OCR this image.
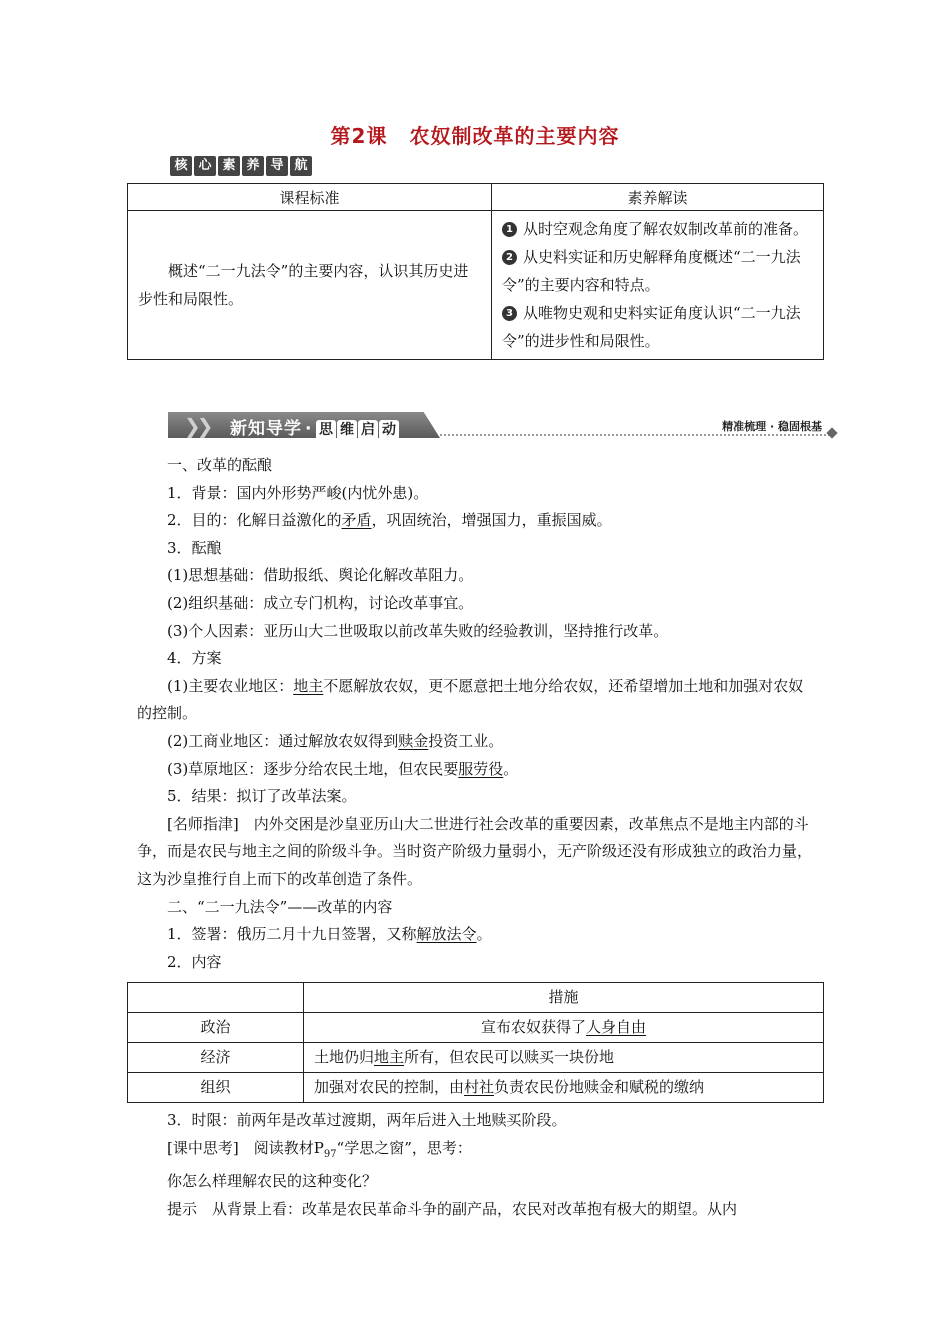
第2课 农奴制改革的主要内容
核 心 素 养 导 航
课程标准	素养解读

概述“二一九法令”的主要内容，认识其历史进步性和局限性。	1 从时空观念角度了解农奴制改革前的准备。

2 从史料实证和历史解释角度概述“二一九法令”的主要内容和特点。

3 从唯物史观和史料实证角度认识“二一九法令”的进步性和局限性。

❯❯ 新知导学 · 思 维 启 动	精准梳理 · 稳固根基

一、改革的酝酿

1．背景：国内外形势严峻(内忧外患)。

2．目的：化解日益激化的矛盾，巩固统治，增强国力，重振国威。

3．酝酿

(1)思想基础：借助报纸、舆论化解改革阻力。

(2)组织基础：成立专门机构，讨论改革事宜。

(3)个人因素：亚历山大二世吸取以前改革失败的经验教训，坚持推行改革。

4．方案

(1)主要农业地区：地主不愿解放农奴，更不愿意把土地分给农奴，还希望增加土地和加强对农奴的控制。

(2)工商业地区：通过解放农奴得到赎金投资工业。

(3)草原地区：逐步分给农民土地，但农民要服劳役。

5．结果：拟订了改革法案。

[名师指津]　内外交困是沙皇亚历山大二世进行社会改革的重要因素，改革焦点不是地主内部的斗争，而是农民与地主之间的阶级斗争。当时资产阶级力量弱小，无产阶级还没有形成独立的政治力量，这为沙皇推行自上而下的改革创造了条件。

二、“二一九法令”——改革的内容

1．签署：俄历二月十九日签署，又称解放法令。

2．内容

	措施
政治	宣布农奴获得了人身自由
经济	土地仍归地主所有，但农民可以赎买一块份地
组织	加强对农民的控制，由村社负责农民份地赎金和赋税的缴纳

3．时限：前两年是改革过渡期，两年后进入土地赎买阶段。

[课中思考]　阅读教材$P_{97}“$学思之窗”，思考：

你怎么样理解农民的这种变化？

提示　从背景上看：改革是农民革命斗争的副产品，农民对改革抱有极大的期望。从内
